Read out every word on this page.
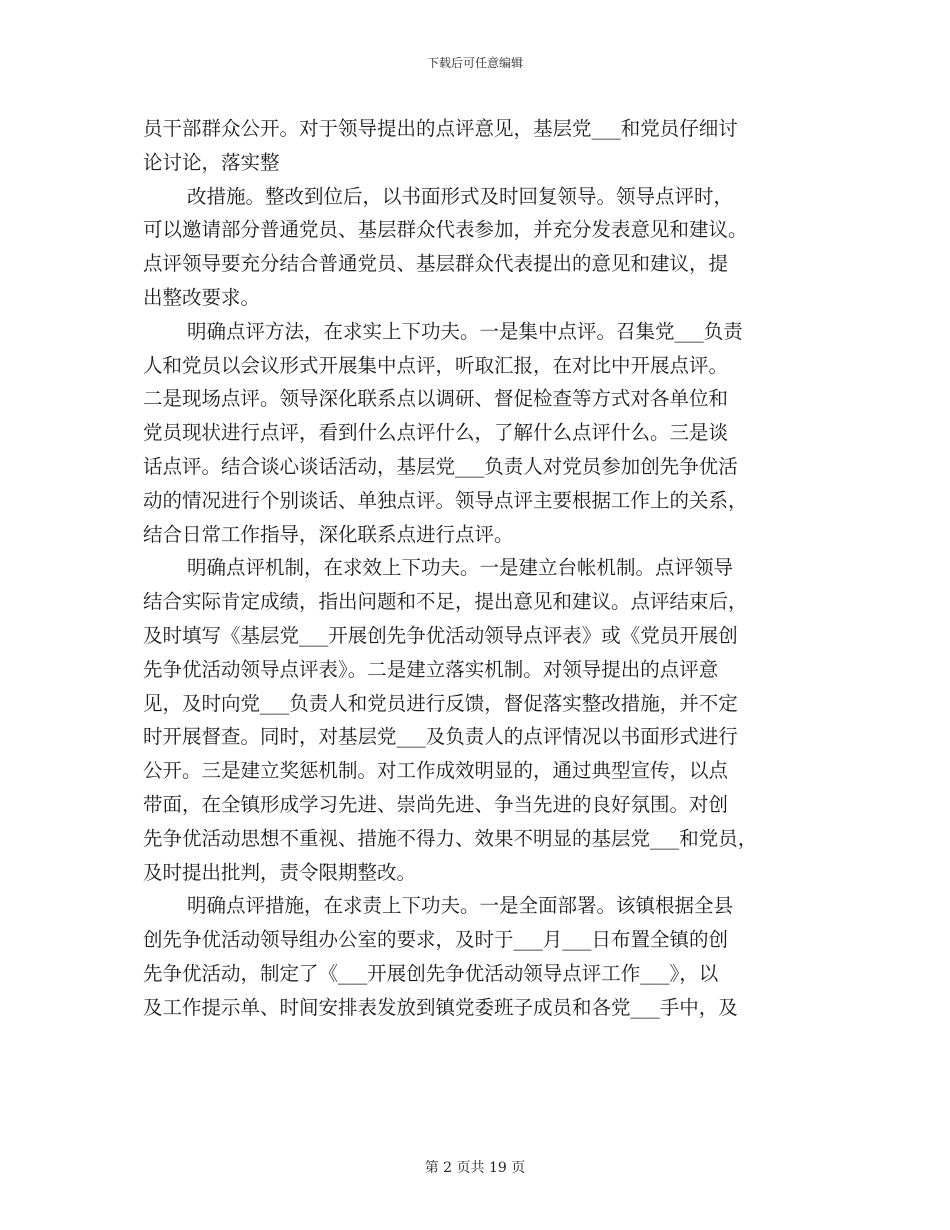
下载后可任意编辑
员干部群众公开。对于领导提出的点评意见，基层党___和党员仔细讨
论讨论，落实整
改措施。整改到位后，以书面形式及时回复领导。领导点评时，
可以邀请部分普通党员、基层群众代表参加，并充分发表意见和建议。
点评领导要充分结合普通党员、基层群众代表提出的意见和建议，提
出整改要求。
明确点评方法，在求实上下功夫。一是集中点评。召集党___负责
人和党员以会议形式开展集中点评，听取汇报，在对比中开展点评。
二是现场点评。领导深化联系点以调研、督促检查等方式对各单位和
党员现状进行点评，看到什么点评什么，了解什么点评什么。三是谈
话点评。结合谈心谈话活动，基层党___负责人对党员参加创先争优活
动的情况进行个别谈话、单独点评。领导点评主要根据工作上的关系，
结合日常工作指导，深化联系点进行点评。
明确点评机制，在求效上下功夫。一是建立台帐机制。点评领导
结合实际肯定成绩，指出问题和不足，提出意见和建议。点评结束后，
及时填写《基层党___开展创先争优活动领导点评表》或《党员开展创
先争优活动领导点评表》。二是建立落实机制。对领导提出的点评意
见，及时向党___负责人和党员进行反馈，督促落实整改措施，并不定
时开展督查。同时，对基层党___及负责人的点评情况以书面形式进行
公开。三是建立奖惩机制。对工作成效明显的，通过典型宣传，以点
带面，在全镇形成学习先进、崇尚先进、争当先进的良好氛围。对创
先争优活动思想不重视、措施不得力、效果不明显的基层党___和党员，
及时提出批判，责令限期整改。
明确点评措施，在求责上下功夫。一是全面部署。该镇根据全县
创先争优活动领导组办公室的要求，及时于___月___日布置全镇的创
先争优活动，制定了《___开展创先争优活动领导点评工作___》，以
及工作提示单、时间安排表发放到镇党委班子成员和各党___手中，及
第 2 页共 19 页
